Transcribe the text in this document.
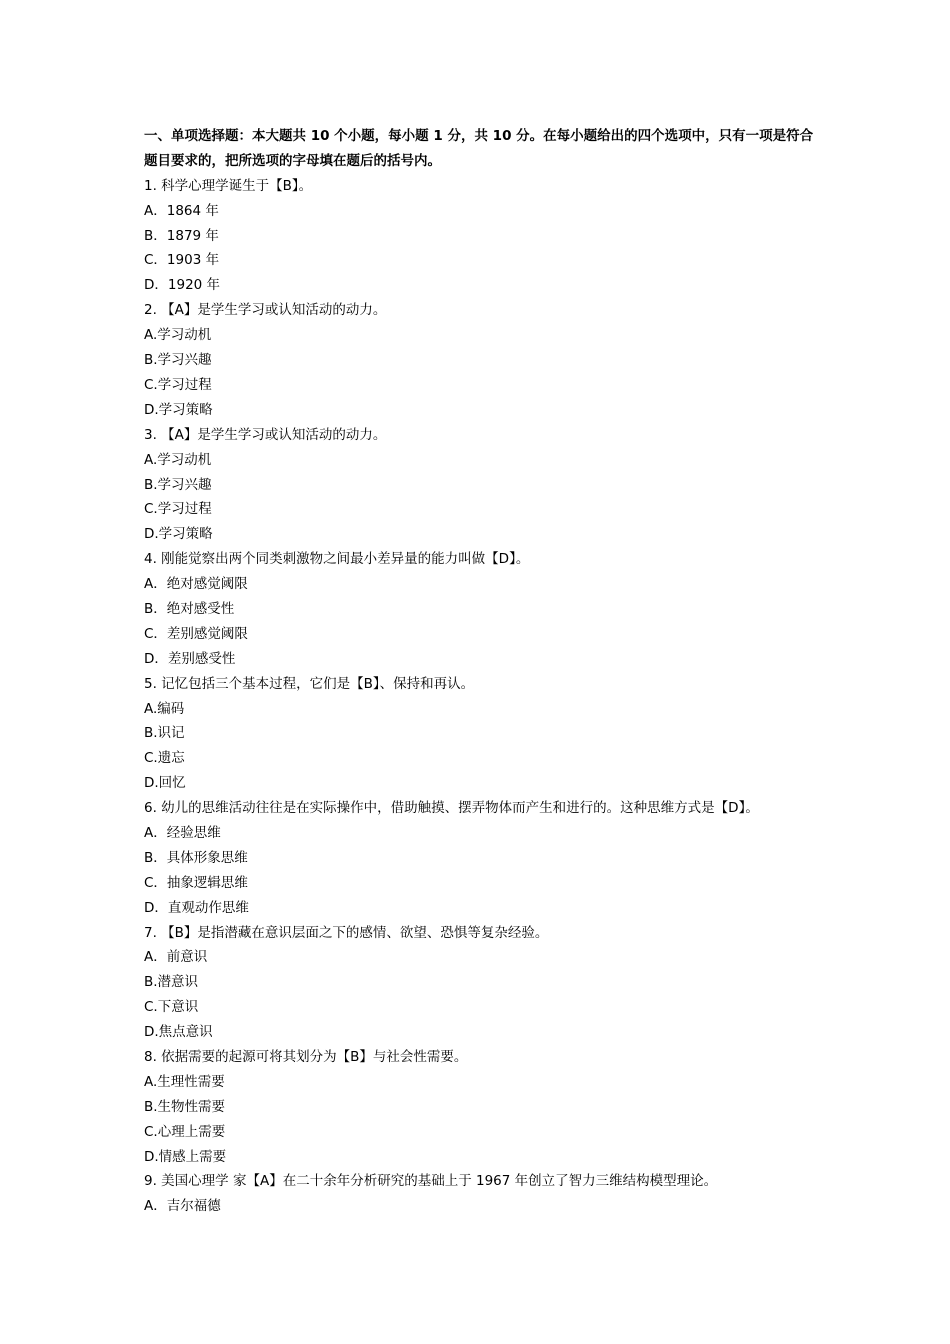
一、单项选择题：本大题共 10 个小题，每小题 1 分，共 10 分。在每小题给出的四个选项中，只有一项是符合题目要求的，把所选项的字母填在题后的括号内。

1. 科学心理学诞生于【B】。
A．1864 年
B．1879 年
C．1903 年
D．1920 年
2. 【A】是学生学习或认知活动的动力。
A.学习动机
B.学习兴趣
C.学习过程
D.学习策略
3. 【A】是学生学习或认知活动的动力。
A.学习动机
B.学习兴趣
C.学习过程
D.学习策略
4. 刚能觉察出两个同类刺激物之间最小差异量的能力叫做【D】。
A．绝对感觉阈限
B．绝对感受性
C．差别感觉阈限
D．差别感受性
5. 记忆包括三个基本过程，它们是【B】、保持和再认。
A.编码
B.识记
C.遗忘
D.回忆
6. 幼儿的思维活动往往是在实际操作中，借助触摸、摆弄物体而产生和进行的。这种思维方式是【D】。
A．经验思维
B．具体形象思维
C．抽象逻辑思维
D．直观动作思维
7. 【B】是指潜藏在意识层面之下的感情、欲望、恐惧等复杂经验。
A．前意识
B.潜意识
C.下意识
D.焦点意识
8. 依据需要的起源可将其划分为【B】与社会性需要。
A.生理性需要
B.生物性需要
C.心理上需要
D.情感上需要
9. 美国心理学 家【A】在二十余年分析研究的基础上于 1967 年创立了智力三维结构模型理论。
A．吉尔福德
